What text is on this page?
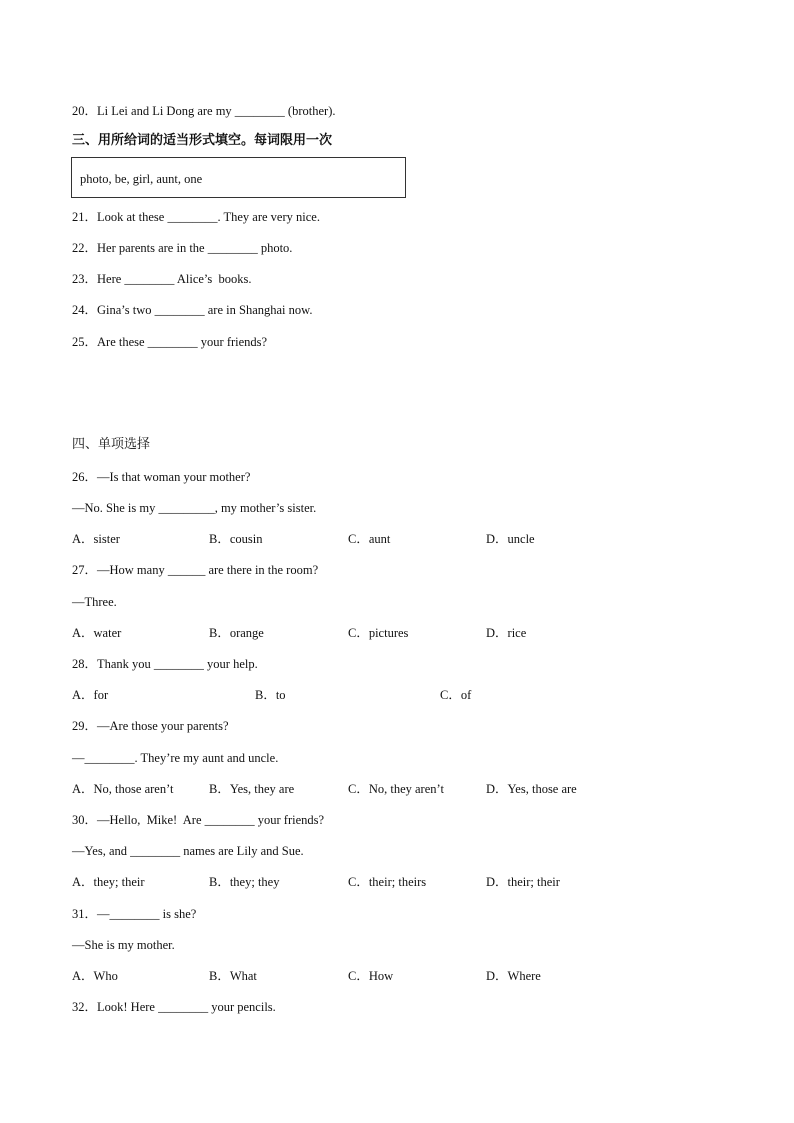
20．Li Lei and Li Dong are my ________ (brother).
三、用所给词的适当形式填空。每词限用一次
photo, be, girl, aunt, one
21．Look at these ________. They are very nice.
22．Her parents are in the ________ photo.
23．Here ________ Alice’s  books.
24．Gina’s two ________ are in Shanghai now.
25．Are these ________ your friends?
四、单项选择
26．—Is that woman your mother?
—No. She is my _________, my mother’s sister.
A．sister	B．cousin	C．aunt	D．uncle
27．—How many ______ are there in the room?
—Three.
A．water	B．orange	C．pictures	D．rice
28．Thank you ________ your help.
A．for	B．to	C．of
29．—Are those your parents?
—________. They’re my aunt and uncle.
A．No, those aren’t	B．Yes, they are	C．No, they aren’t	D．Yes, those are
30．—Hello,  Mike!  Are ________ your friends?
—Yes, and ________ names are Lily and Sue.
A．they; their	B．they; they	C．their; theirs	D．their; their
31．—________ is she?
—She is my mother.
A．Who	B．What	C．How	D．Where
32．Look! Here ________ your pencils.
